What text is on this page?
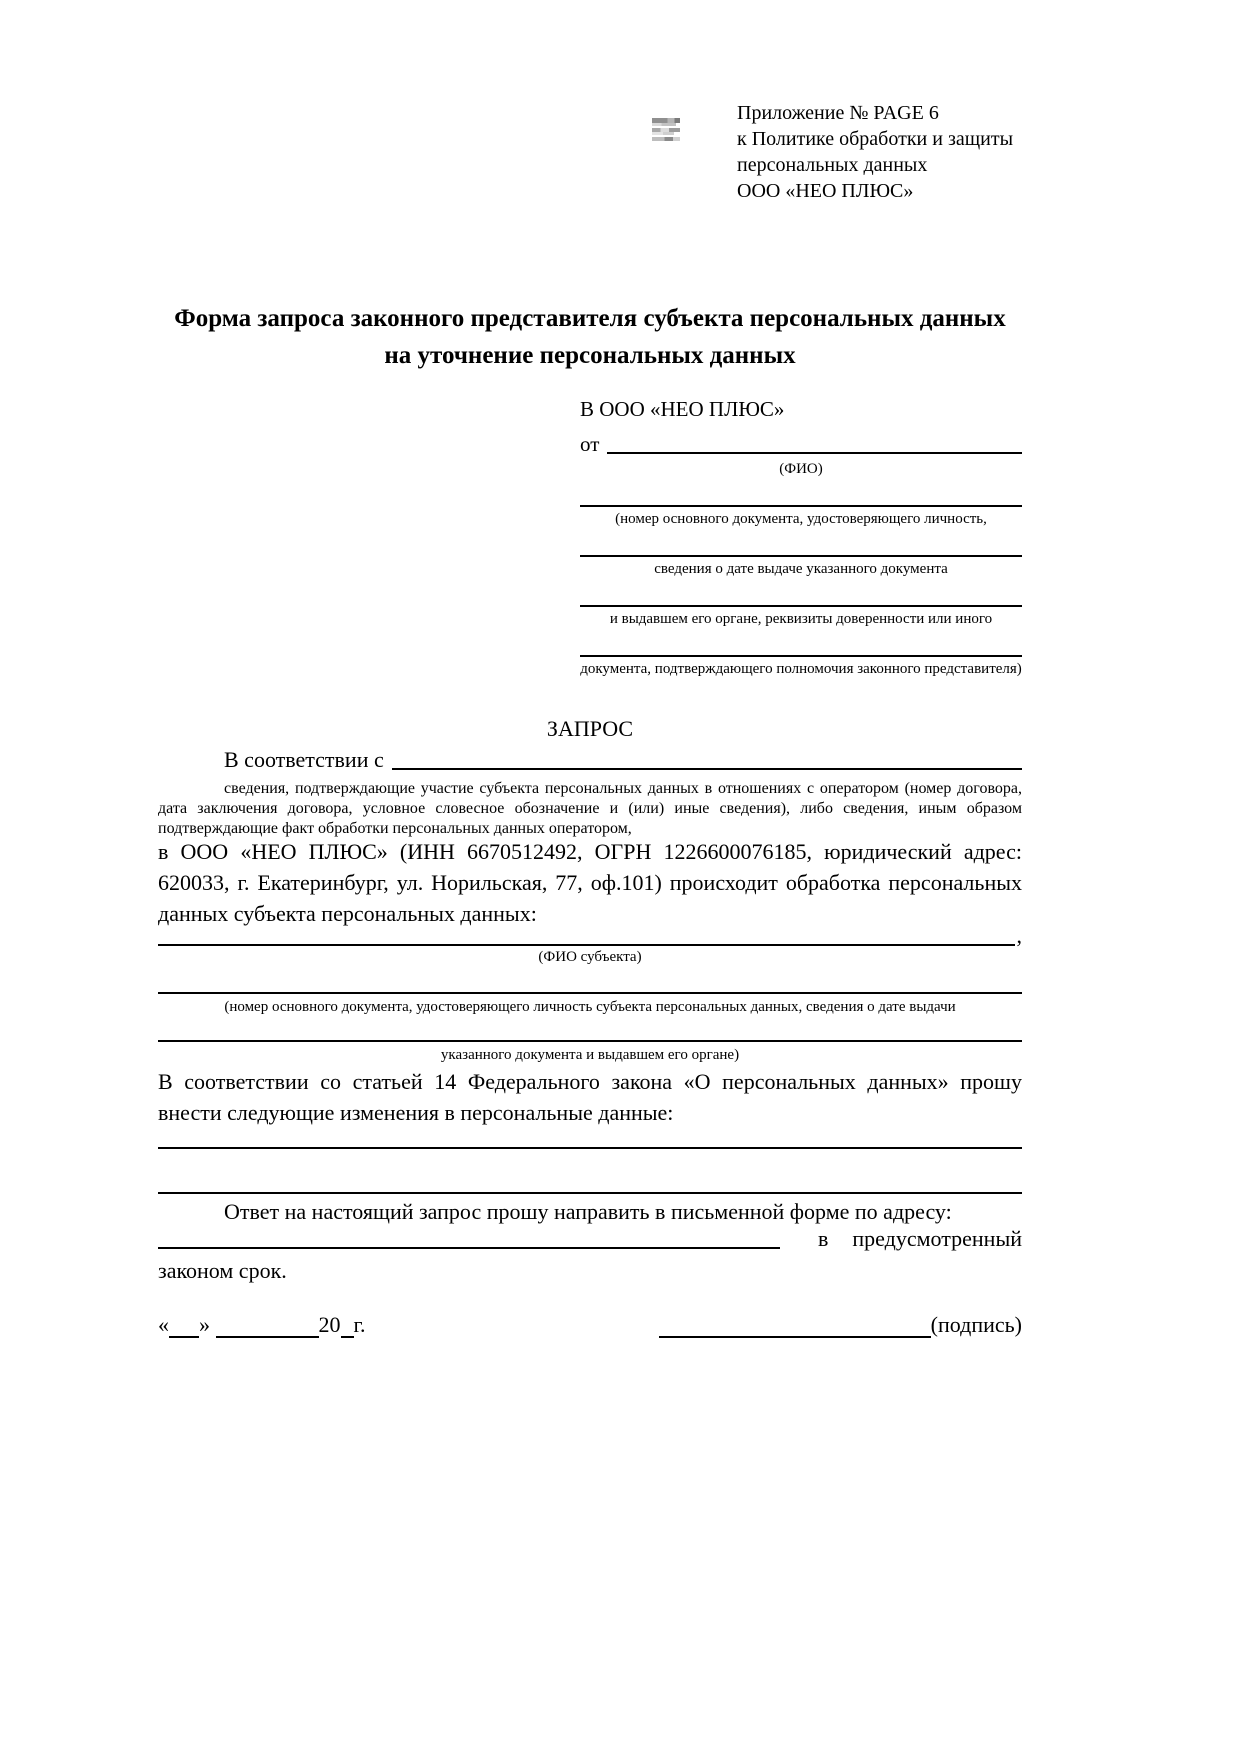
Приложение № PAGE 6
к Политике обработки и защиты
персональных данных
ООО «НЕО ПЛЮС»
Форма запроса законного представителя субъекта персональных данных
на уточнение персональных данных
В ООО «НЕО ПЛЮС»
от
(ФИО)
(номер основного документа, удостоверяющего личность,
сведения о дате выдаче указанного документа
и выдавшем его органе, реквизиты доверенности или иного
документа, подтверждающего полномочия законного представителя)
ЗАПРОС
В соответствии с
сведения, подтверждающие участие субъекта персональных данных в отношениях с оператором (номер договора, дата заключения договора, условное словесное обозначение и (или) иные сведения), либо сведения, иным образом подтверждающие факт обработки персональных данных оператором,
в ООО «НЕО ПЛЮС» (ИНН 6670512492, ОГРН 1226600076185, юридический адрес: 620033, г. Екатеринбург, ул. Норильская, 77, оф.101) происходит обработка персональных данных субъекта персональных данных:
,
(ФИО субъекта)
(номер основного документа, удостоверяющего личность субъекта персональных данных, сведения о дате выдачи
указанного документа и выдавшем его органе)
В соответствии со статьей 14 Федерального закона «О персональных данных» прошу внести следующие изменения в персональные данные:
Ответ на настоящий запрос прошу направить в письменной форме по адресу:
в предусмотренный
законом срок.
« »	20 г.	(подпись)
